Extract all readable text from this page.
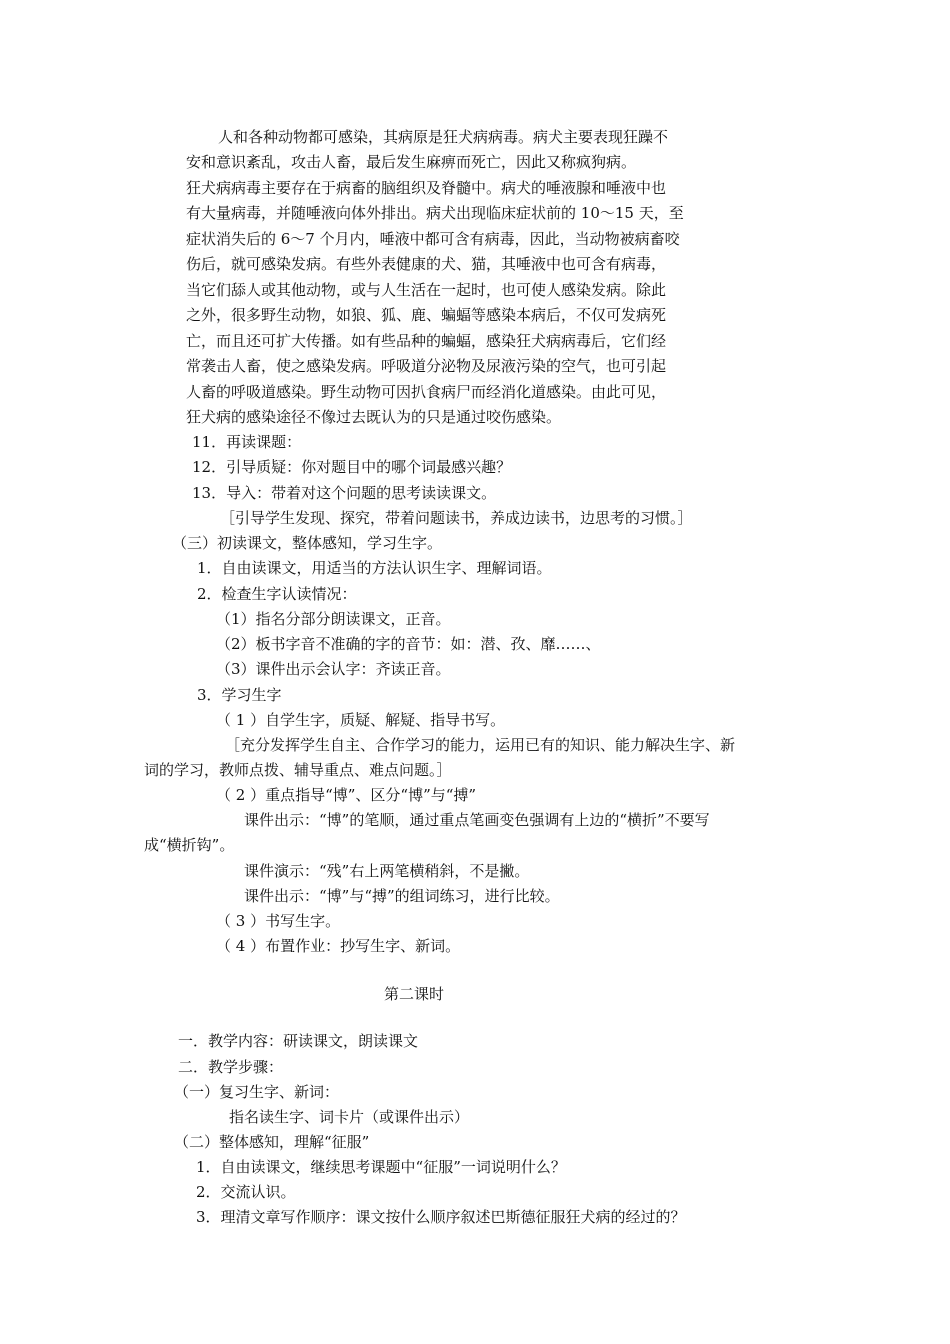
人和各种动物都可感染，其病原是狂犬病病毒。病犬主要表现狂躁不
安和意识紊乱，攻击人畜，最后发生麻痹而死亡，因此又称疯狗病。
狂犬病病毒主要存在于病畜的脑组织及脊髓中。病犬的唾液腺和唾液中也
有大量病毒，并随唾液向体外排出。病犬出现临床症状前的 10～15 天，至
症状消失后的 6～7 个月内，唾液中都可含有病毒，因此，当动物被病畜咬
伤后，就可感染发病。有些外表健康的犬、猫，其唾液中也可含有病毒，
当它们舔人或其他动物，或与人生活在一起时，也可使人感染发病。除此
之外，很多野生动物，如狼、狐、鹿、蝙蝠等感染本病后，不仅可发病死
亡，而且还可扩大传播。如有些品种的蝙蝠，感染狂犬病病毒后，它们经
常袭击人畜，使之感染发病。呼吸道分泌物及尿液污染的空气，也可引起
人畜的呼吸道感染。野生动物可因扒食病尸而经消化道感染。由此可见，
狂犬病的感染途径不像过去既认为的只是通过咬伤感染。
11．再读课题：
12．引导质疑：你对题目中的哪个词最感兴趣？
13．导入：带着对这个问题的思考读读课文。
［引导学生发现、探究，带着问题读书，养成边读书，边思考的习惯。］
（三）初读课文，整体感知，学习生字。
1．自由读课文，用适当的方法认识生字、理解词语。
2．检查生字认读情况：
（1）指名分部分朗读课文，正音。
（2）板书字音不准确的字的音节：如：潜、孜、靡……、
（3）课件出示会认字：齐读正音。
3．学习生字
（ 1 ）自学生字，质疑、解疑、指导书写。
［充分发挥学生自主、合作学习的能力，运用已有的知识、能力解决生字、新
词的学习，教师点拨、辅导重点、难点问题。］
（ 2 ）重点指导“博”、区分“博”与“搏”
课件出示：“博”的笔顺，通过重点笔画变色强调有上边的“横折”不要写
成“横折钩”。
课件演示：“残”右上两笔横稍斜，不是撇。
课件出示：“博”与“搏”的组词练习，进行比较。
（ 3 ）书写生字。
（ 4 ）布置作业：抄写生字、新词。
第二课时
一．教学内容：研读课文，朗读课文
二．教学步骤：
（一）复习生字、新词：
指名读生字、词卡片（或课件出示）
（二）整体感知，理解“征服”
1．自由读课文，继续思考课题中“征服”一词说明什么？
2．交流认识。
3．理清文章写作顺序：课文按什么顺序叙述巴斯德征服狂犬病的经过的？
